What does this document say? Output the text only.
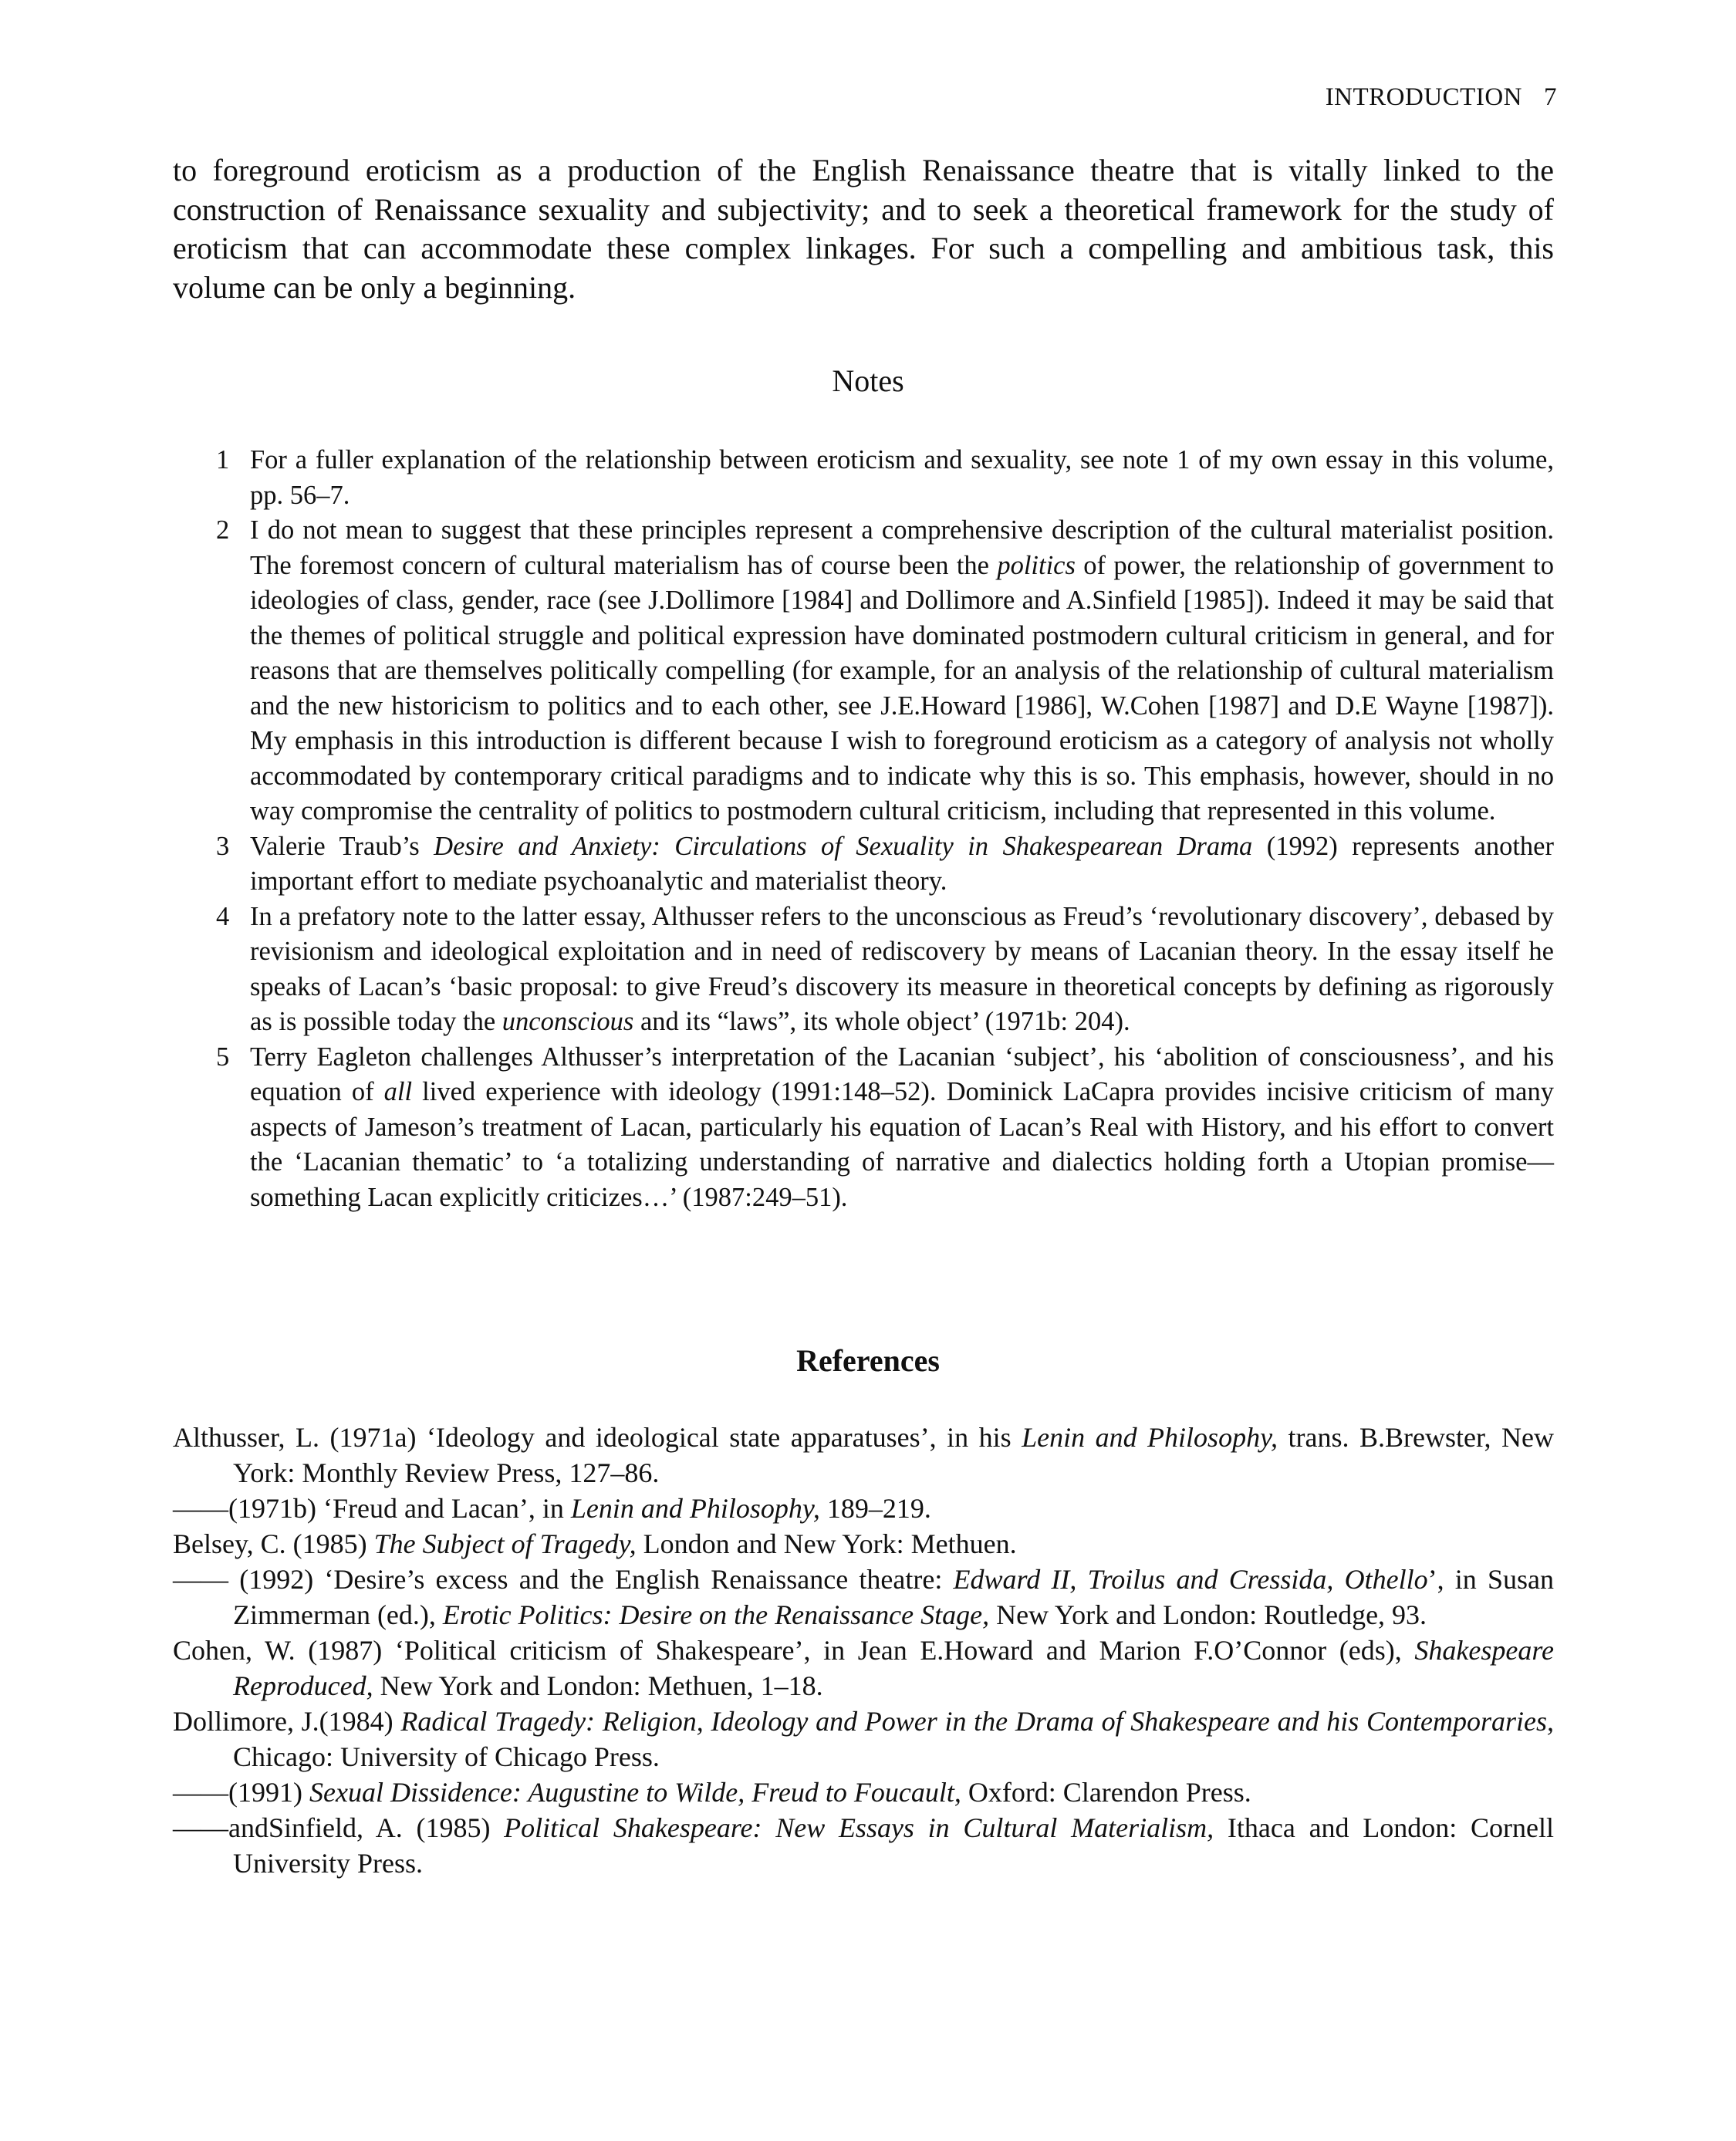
INTRODUCTION 7

to foreground eroticism as a production of the English Renaissance theatre that is vitally linked to the construction of Renaissance sexuality and subjectivity; and to seek a theoretical framework for the study of eroticism that can accommodate these complex linkages. For such a compelling and ambitious task, this volume can be only a beginning.

Notes
1 For a fuller explanation of the relationship between eroticism and sexuality, see note 1 of my own essay in this volume, pp. 56–7.
2 I do not mean to suggest that these principles represent a comprehensive description of the cultural materialist position. The foremost concern of cultural materialism has of course been the politics of power, the relationship of government to ideologies of class, gender, race (see J.Dollimore [1984] and Dollimore and A.Sinfield [1985]). Indeed it may be said that the themes of political struggle and political expression have dominated postmodern cultural criticism in general, and for reasons that are themselves politically compelling (for example, for an analysis of the relationship of cultural materialism and the new historicism to politics and to each other, see J.E.Howard [1986], W.Cohen [1987] and D.E Wayne [1987]). My emphasis in this introduction is different because I wish to foreground eroticism as a category of analysis not wholly accommodated by contemporary critical paradigms and to indicate why this is so. This emphasis, however, should in no way compromise the centrality of politics to postmodern cultural criticism, including that represented in this volume.
3 Valerie Traub’s Desire and Anxiety: Circulations of Sexuality in Shakespearean Drama (1992) represents another important effort to mediate psychoanalytic and materialist theory.
4 In a prefatory note to the latter essay, Althusser refers to the unconscious as Freud’s ‘revolutionary discovery’, debased by revisionism and ideological exploitation and in need of rediscovery by means of Lacanian theory. In the essay itself he speaks of Lacan’s ‘basic proposal: to give Freud’s discovery its measure in theoretical concepts by defining as rigorously as is possible today the unconscious and its “laws”, its whole object’ (1971b: 204).
5 Terry Eagleton challenges Althusser’s interpretation of the Lacanian ‘subject’, his ‘abolition of consciousness’, and his equation of all lived experience with ideology (1991:148–52). Dominick LaCapra provides incisive criticism of many aspects of Jameson’s treatment of Lacan, particularly his equation of Lacan’s Real with History, and his effort to convert the ‘Lacanian thematic’ to ‘a totalizing understanding of narrative and dialectics holding forth a Utopian promise— something Lacan explicitly criticizes…’ (1987:249–51).
References
Althusser, L. (1971a) ‘Ideology and ideological state apparatuses’, in his Lenin and Philosophy, trans. B.Brewster, New York: Monthly Review Press, 127–86.
——(1971b) ‘Freud and Lacan’, in Lenin and Philosophy, 189–219.
Belsey, C. (1985) The Subject of Tragedy, London and New York: Methuen.
—— (1992) ‘Desire’s excess and the English Renaissance theatre: Edward II, Troilus and Cressida, Othello’, in Susan Zimmerman (ed.), Erotic Politics: Desire on the Renaissance Stage, New York and London: Routledge, 93.
Cohen, W. (1987) ‘Political criticism of Shakespeare’, in Jean E.Howard and Marion F.O’Connor (eds), Shakespeare Reproduced, New York and London: Methuen, 1–18.
Dollimore, J.(1984) Radical Tragedy: Religion, Ideology and Power in the Drama of Shakespeare and his Contemporaries, Chicago: University of Chicago Press.
——(1991) Sexual Dissidence: Augustine to Wilde, Freud to Foucault, Oxford: Clarendon Press.
——andSinfield, A. (1985) Political Shakespeare: New Essays in Cultural Materialism, Ithaca and London: Cornell University Press.
